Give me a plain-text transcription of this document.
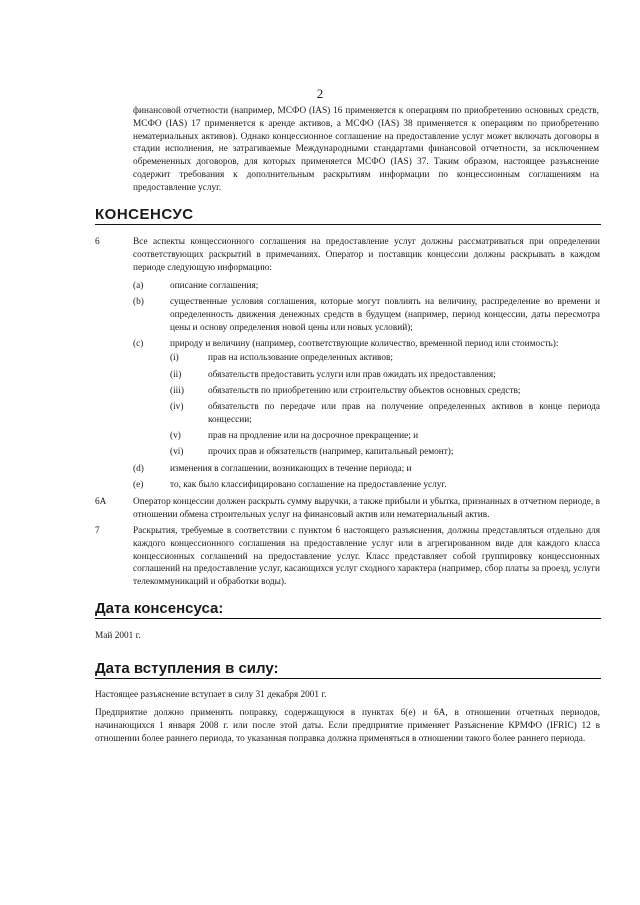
2
финансовой отчетности (например, МСФО (IAS) 16 применяется к операциям по приобретению основных средств, МСФО (IAS) 17 применяется к аренде активов, а МСФО (IAS) 38 применяется к операциям по приобретению нематериальных активов). Однако концессионное соглашение на предоставление услуг может включать договоры в стадии исполнения, не затрагиваемые Международными стандартами финансовой отчетности, за исключением обремененных договоров, для которых применяется МСФО (IAS) 37. Таким образом, настоящее разъяснение содержит требования к дополнительным раскрытиям информации по концессионным соглашениям на предоставление услуг.
КОНСЕНСУС
6	Все аспекты концессионного соглашения на предоставление услуг должны рассматриваться при определении соответствующих раскрытий в примечаниях. Оператор и поставщик концессии должны раскрывать в каждом периоде следующую информацию:
(a)	описание соглашения;
(b)	существенные условия соглашения, которые могут повлиять на величину, распределение во времени и определенность движения денежных средств в будущем (например, период концессии, даты пересмотра цены и основу определения новой цены или новых условий);
(c)	природу и величину (например, соответствующие количество, временной период или стоимость):
(i)	прав на использование определенных активов;
(ii)	обязательств предоставить услуги или прав ожидать их предоставления;
(iii)	обязательств по приобретению или строительству объектов основных средств;
(iv)	обязательств по передаче или прав на получение определенных активов в конце периода концессии;
(v)	прав на продление или на досрочное прекращение; и
(vi)	прочих прав и обязательств (например, капитальный ремонт);
(d)	изменения в соглашении, возникающих в течение периода; и
(e)	то, как было классифицировано соглашение на предоставление услуг.
6A	Оператор концессии должен раскрыть сумму выручки, а также прибыли и убытка, признанных в отчетном периоде, в отношении обмена строительных услуг на финансовый актив или нематериальный актив.
7	Раскрытия, требуемые в соответствии с пунктом 6 настоящего разъяснения, должны представляться отдельно для каждого концессионного соглашения на предоставление услуг или в агрегированном виде для каждого класса концессионных соглашений на предоставление услуг. Класс представляет собой группировку концессионных соглашений на предоставление услуг, касающихся услуг сходного характера (например, сбор платы за проезд, услуги телекоммуникаций и обработки воды).
Дата консенсуса:
Май 2001 г.
Дата вступления в силу:
Настоящее разъяснение вступает в силу 31 декабря 2001 г.
Предприятие должно применять поправку, содержащуюся в пунктах 6(e) и 6A, в отношении отчетных периодов, начинающихся 1 января 2008 г. или после этой даты. Если предприятие применяет Разъяснение КРМФО (IFRIC) 12 в отношении более раннего периода, то указанная поправка должна применяться в отношении такого более раннего периода.
